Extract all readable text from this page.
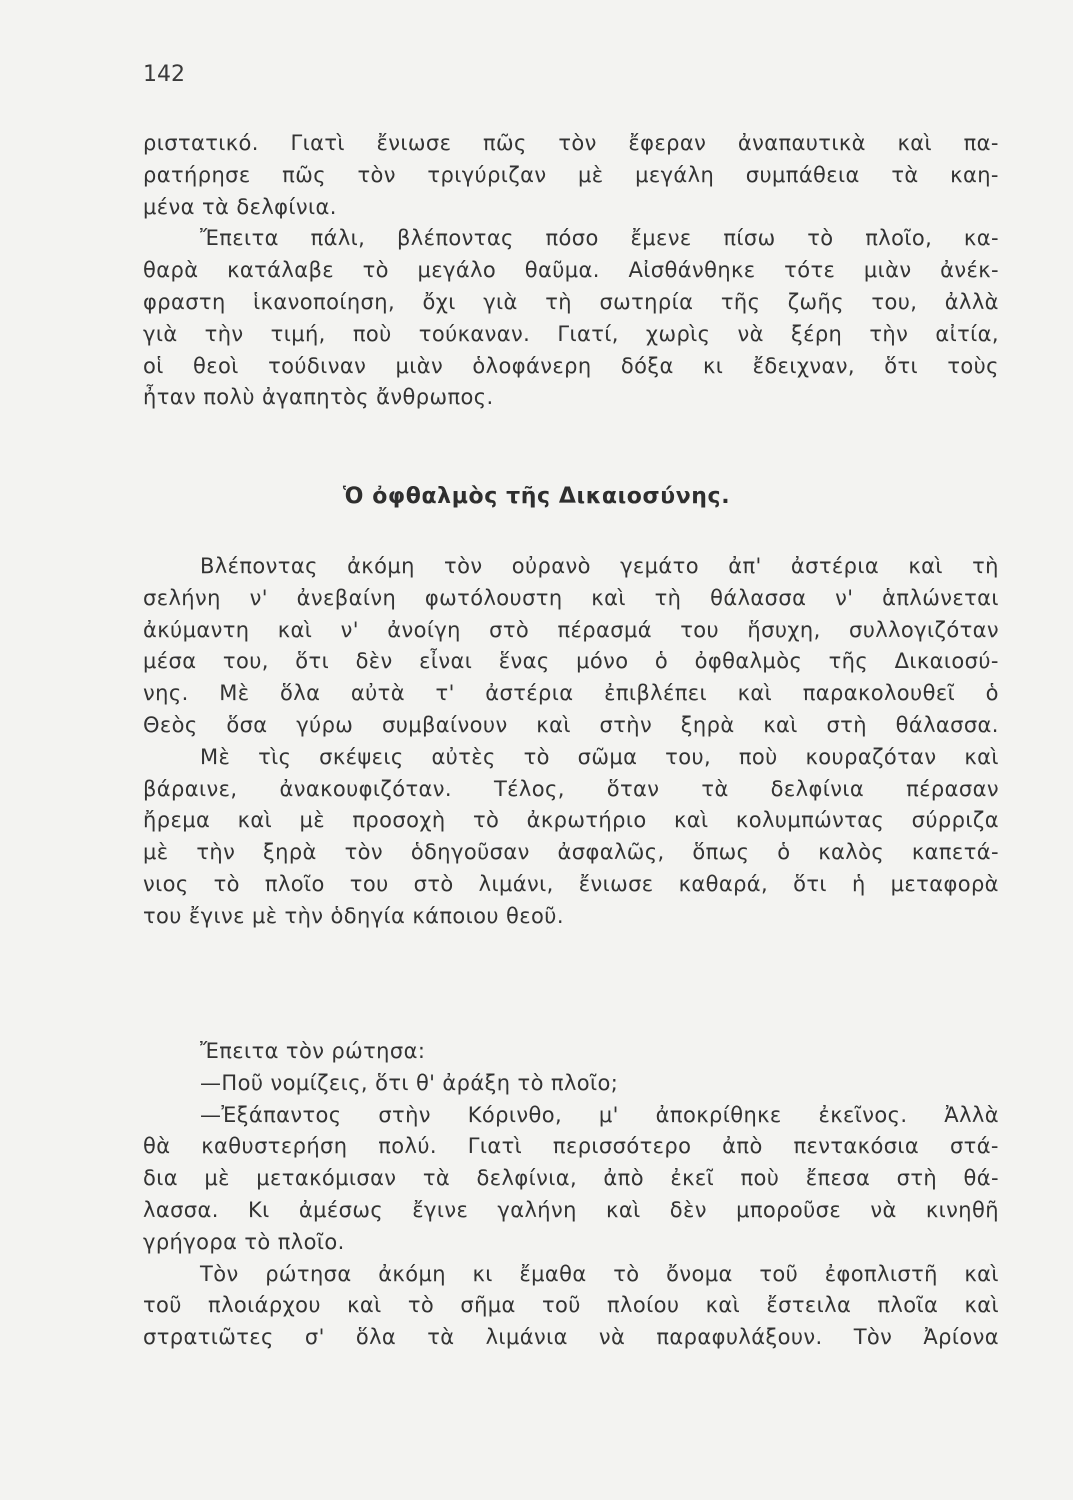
142
ριστατικό. Γιατὶ ἔνιωσε πῶς τὸν ἔφεραν ἀναπαυτικὰ καὶ πα-
ρατήρησε πῶς τὸν τριγύριζαν μὲ μεγάλη συμπάθεια τὰ καη-
μένα τὰ δελφίνια.
Ἔπειτα πάλι, βλέποντας πόσο ἔμενε πίσω τὸ πλοῖο, κα-
θαρὰ κατάλαβε τὸ μεγάλο θαῦμα. Αἰσθάνθηκε τότε μιὰν ἀνέκ-
φραστη ἱκανοποίηση, ὄχι γιὰ τὴ σωτηρία τῆς ζωῆς του, ἀλλὰ
γιὰ τὴν τιμή, ποὺ τούκαναν. Γιατί, χωρὶς νὰ ξέρη τὴν αἰτία,
οἱ θεοὶ τούδιναν μιὰν ὁλοφάνερη δόξα κι ἔδειχναν, ὅτι τοὺς
ἦταν πολὺ ἀγαπητὸς ἄνθρωπος.
Ὁ ὀφθαλμὸς τῆς Δικαιοσύνης.
Βλέποντας ἀκόμη τὸν οὐρανὸ γεμάτο ἀπ' ἀστέρια καὶ τὴ
σελήνη ν' ἀνεβαίνη φωτόλουστη καὶ τὴ θάλασσα ν' ἁπλώνεται
ἀκύμαντη καὶ ν' ἀνοίγη στὸ πέρασμά του ἥσυχη, συλλογιζόταν
μέσα του, ὅτι δὲν εἶναι ἕνας μόνο ὁ ὀφθαλμὸς τῆς Δικαιοσύ-
νης. Μὲ ὅλα αὐτὰ τ' ἀστέρια ἐπιβλέπει καὶ παρακολουθεῖ ὁ
Θεὸς ὅσα γύρω συμβαίνουν καὶ στὴν ξηρὰ καὶ στὴ θάλασσα.
Μὲ τὶς σκέψεις αὐτὲς τὸ σῶμα του, ποὺ κουραζόταν καὶ
βάραινε, ἀνακουφιζόταν. Τέλος, ὅταν τὰ δελφίνια πέρασαν
ἤρεμα καὶ μὲ προσοχὴ τὸ ἀκρωτήριο καὶ κολυμπώντας σύρριζα
μὲ τὴν ξηρὰ τὸν ὁδηγοῦσαν ἀσφαλῶς, ὅπως ὁ καλὸς καπετά-
νιος τὸ πλοῖο του στὸ λιμάνι, ἔνιωσε καθαρά, ὅτι ἡ μεταφορὰ
του ἔγινε μὲ τὴν ὁδηγία κάποιου θεοῦ.
Ἔπειτα τὸν ρώτησα:
—Ποῦ νομίζεις, ὅτι θ' ἀράξη τὸ πλοῖο;
—Ἐξάπαντος στὴν Κόρινθο, μ' ἀποκρίθηκε ἐκεῖνος. Ἀλλὰ
θὰ καθυστερήση πολύ. Γιατὶ περισσότερο ἀπὸ πεντακόσια στά-
δια μὲ μετακόμισαν τὰ δελφίνια, ἀπὸ ἐκεῖ ποὺ ἔπεσα στὴ θά-
λασσα. Κι ἀμέσως ἔγινε γαλήνη καὶ δὲν μποροῦσε νὰ κινηθῆ
γρήγορα τὸ πλοῖο.
Τὸν ρώτησα ἀκόμη κι ἔμαθα τὸ ὄνομα τοῦ ἐφοπλιστῆ καὶ
τοῦ πλοιάρχου καὶ τὸ σῆμα τοῦ πλοίου καὶ ἔστειλα πλοῖα καὶ
στρατιῶτες σ' ὅλα τὰ λιμάνια νὰ παραφυλάξουν. Τὸν Ἀρίονα
